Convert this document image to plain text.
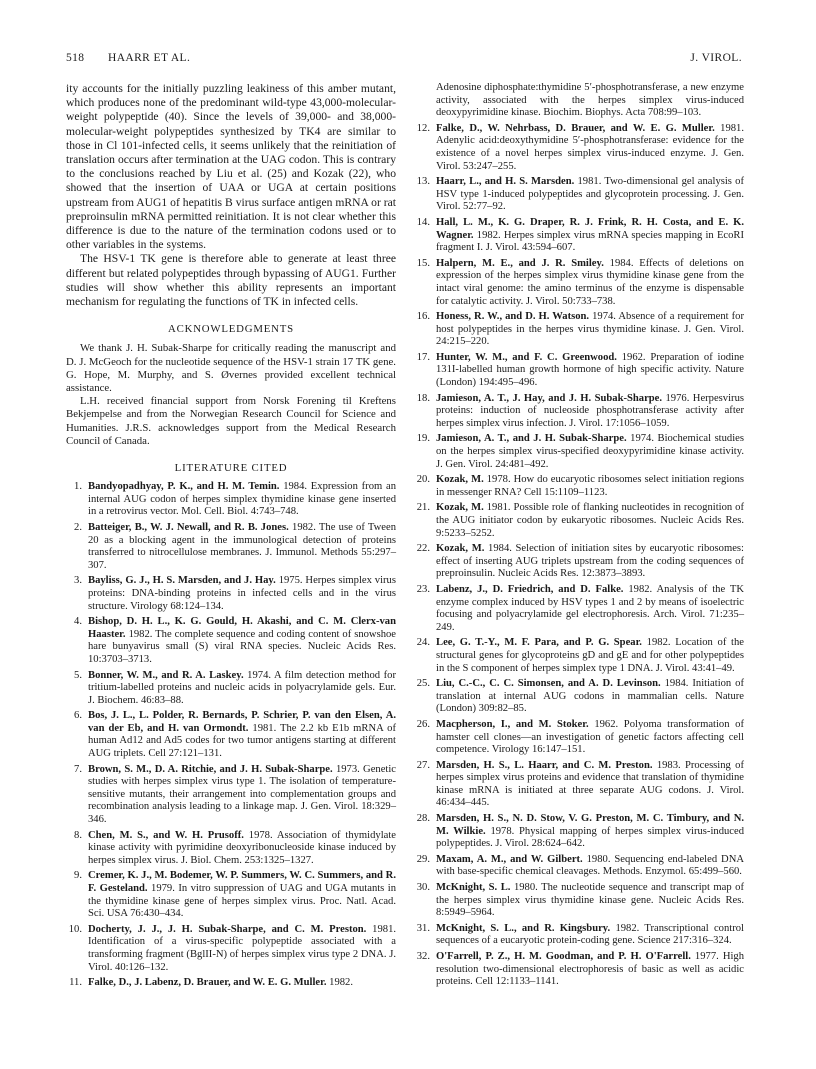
518 HAARR ET AL.	J. VIROL.

ity accounts for the initially puzzling leakiness of this amber mutant, which produces none of the predominant wild-type 43,000-molecular-weight polypeptide (40). Since the levels of 39,000- and 38,000-molecular-weight polypeptides synthesized by TK4 are similar to those in Cl 101-infected cells, it seems unlikely that the reinitiation of translation occurs after termination at the UAG codon. This is contrary to the conclusions reached by Liu et al. (25) and Kozak (22), who showed that the insertion of UAA or UGA at certain positions upstream from AUG1 of hepatitis B virus surface antigen mRNA or rat preproinsulin mRNA permitted reinitiation. It is not clear whether this difference is due to the nature of the termination codons used or to other variables in the systems.

The HSV-1 TK gene is therefore able to generate at least three different but related polypeptides through bypassing of AUG1. Further studies will show whether this ability represents an important mechanism for regulating the functions of TK in infected cells.

ACKNOWLEDGMENTS

We thank J. H. Subak-Sharpe for critically reading the manuscript and D. J. McGeoch for the nucleotide sequence of the HSV-1 strain 17 TK gene. G. Hope, M. Murphy, and S. Øvernes provided excellent technical assistance.

L.H. received financial support from Norsk Forening til Kreftens Bekjempelse and from the Norwegian Research Council for Science and Humanities. J.R.S. acknowledges support from the Medical Research Council of Canada.

LITERATURE CITED
1. Bandyopadhyay, P. K., and H. M. Temin. 1984. Expression from an internal AUG codon of herpes simplex thymidine kinase gene inserted in a retrovirus vector. Mol. Cell. Biol. 4:743–748.
2. Batteiger, B., W. J. Newall, and R. B. Jones. 1982. The use of Tween 20 as a blocking agent in the immunological detection of proteins transferred to nitrocellulose membranes. J. Immunol. Methods 55:297–307.
3. Bayliss, G. J., H. S. Marsden, and J. Hay. 1975. Herpes simplex virus proteins: DNA-binding proteins in infected cells and in the virus structure. Virology 68:124–134.
4. Bishop, D. H. L., K. G. Gould, H. Akashi, and C. M. Clerx-van Haaster. 1982. The complete sequence and coding content of snowshoe hare bunyavirus small (S) viral RNA species. Nucleic Acids Res. 10:3703–3713.
5. Bonner, W. M., and R. A. Laskey. 1974. A film detection method for tritium-labelled proteins and nucleic acids in polyacrylamide gels. Eur. J. Biochem. 46:83–88.
6. Bos, J. L., L. Polder, R. Bernards, P. Schrier, P. van den Elsen, A. van der Eb, and H. van Ormondt. 1981. The 2.2 kb E1b mRNA of human Ad12 and Ad5 codes for two tumor antigens starting at different AUG triplets. Cell 27:121–131.
7. Brown, S. M., D. A. Ritchie, and J. H. Subak-Sharpe. 1973. Genetic studies with herpes simplex virus type 1. The isolation of temperature-sensitive mutants, their arrangement into complementation groups and recombination analysis leading to a linkage map. J. Gen. Virol. 18:329–346.
8. Chen, M. S., and W. H. Prusoff. 1978. Association of thymidylate kinase activity with pyrimidine deoxyribonucleoside kinase induced by herpes simplex virus. J. Biol. Chem. 253:1325–1327.
9. Cremer, K. J., M. Bodemer, W. P. Summers, W. C. Summers, and R. F. Gesteland. 1979. In vitro suppression of UAG and UGA mutants in the thymidine kinase gene of herpes simplex virus. Proc. Natl. Acad. Sci. USA 76:430–434.
10. Docherty, J. J., J. H. Subak-Sharpe, and C. M. Preston. 1981. Identification of a virus-specific polypeptide associated with a transforming fragment (BglII-N) of herpes simplex virus type 2 DNA. J. Virol. 40:126–132.
11. Falke, D., J. Labenz, D. Brauer, and W. E. G. Muller. 1982.

Adenosine diphosphate:thymidine 5′-phosphotransferase, a new enzyme activity, associated with the herpes simplex virus-induced deoxypyrimidine kinase. Biochim. Biophys. Acta 708:99–103.

12. Falke, D., W. Nehrbass, D. Brauer, and W. E. G. Muller. 1981. Adenylic acid:deoxythymidine 5′-phosphotransferase: evidence for the existence of a novel herpes simplex virus-induced enzyme. J. Gen. Virol. 53:247–255.
13. Haarr, L., and H. S. Marsden. 1981. Two-dimensional gel analysis of HSV type 1-induced polypeptides and glycoprotein processing. J. Gen. Virol. 52:77–92.
14. Hall, L. M., K. G. Draper, R. J. Frink, R. H. Costa, and E. K. Wagner. 1982. Herpes simplex virus mRNA species mapping in EcoRI fragment I. J. Virol. 43:594–607.
15. Halpern, M. E., and J. R. Smiley. 1984. Effects of deletions on expression of the herpes simplex virus thymidine kinase gene from the intact viral genome: the amino terminus of the enzyme is dispensable for catalytic activity. J. Virol. 50:733–738.
16. Honess, R. W., and D. H. Watson. 1974. Absence of a requirement for host polypeptides in the herpes virus thymidine kinase. J. Gen. Virol. 24:215–220.
17. Hunter, W. M., and F. C. Greenwood. 1962. Preparation of iodine 131I-labelled human growth hormone of high specific activity. Nature (London) 194:495–496.
18. Jamieson, A. T., J. Hay, and J. H. Subak-Sharpe. 1976. Herpesvirus proteins: induction of nucleoside phosphotransferase activity after herpes simplex virus infection. J. Virol. 17:1056–1059.
19. Jamieson, A. T., and J. H. Subak-Sharpe. 1974. Biochemical studies on the herpes simplex virus-specified deoxypyrimidine kinase activity. J. Gen. Virol. 24:481–492.
20. Kozak, M. 1978. How do eucaryotic ribosomes select initiation regions in messenger RNA? Cell 15:1109–1123.
21. Kozak, M. 1981. Possible role of flanking nucleotides in recognition of the AUG initiator codon by eukaryotic ribosomes. Nucleic Acids Res. 9:5233–5252.
22. Kozak, M. 1984. Selection of initiation sites by eucaryotic ribosomes: effect of inserting AUG triplets upstream from the coding sequences of preproinsulin. Nucleic Acids Res. 12:3873–3893.
23. Labenz, J., D. Friedrich, and D. Falke. 1982. Analysis of the TK enzyme complex induced by HSV types 1 and 2 by means of isoelectric focusing and polyacrylamide gel electrophoresis. Arch. Virol. 71:235–249.
24. Lee, G. T.-Y., M. F. Para, and P. G. Spear. 1982. Location of the structural genes for glycoproteins gD and gE and for other polypeptides in the S component of herpes simplex type 1 DNA. J. Virol. 43:41–49.
25. Liu, C.-C., C. C. Simonsen, and A. D. Levinson. 1984. Initiation of translation at internal AUG codons in mammalian cells. Nature (London) 309:82–85.
26. Macpherson, I., and M. Stoker. 1962. Polyoma transformation of hamster cell clones—an investigation of genetic factors affecting cell competence. Virology 16:147–151.
27. Marsden, H. S., L. Haarr, and C. M. Preston. 1983. Processing of herpes simplex virus proteins and evidence that translation of thymidine kinase mRNA is initiated at three separate AUG codons. J. Virol. 46:434–445.
28. Marsden, H. S., N. D. Stow, V. G. Preston, M. C. Timbury, and N. M. Wilkie. 1978. Physical mapping of herpes simplex virus-induced polypeptides. J. Virol. 28:624–642.
29. Maxam, A. M., and W. Gilbert. 1980. Sequencing end-labeled DNA with base-specific chemical cleavages. Methods. Enzymol. 65:499–560.
30. McKnight, S. L. 1980. The nucleotide sequence and transcript map of the herpes simplex virus thymidine kinase gene. Nucleic Acids Res. 8:5949–5964.
31. McKnight, S. L., and R. Kingsbury. 1982. Transcriptional control sequences of a eucaryotic protein-coding gene. Science 217:316–324.
32. O'Farrell, P. Z., H. M. Goodman, and P. H. O'Farrell. 1977. High resolution two-dimensional electrophoresis of basic as well as acidic proteins. Cell 12:1133–1141.
